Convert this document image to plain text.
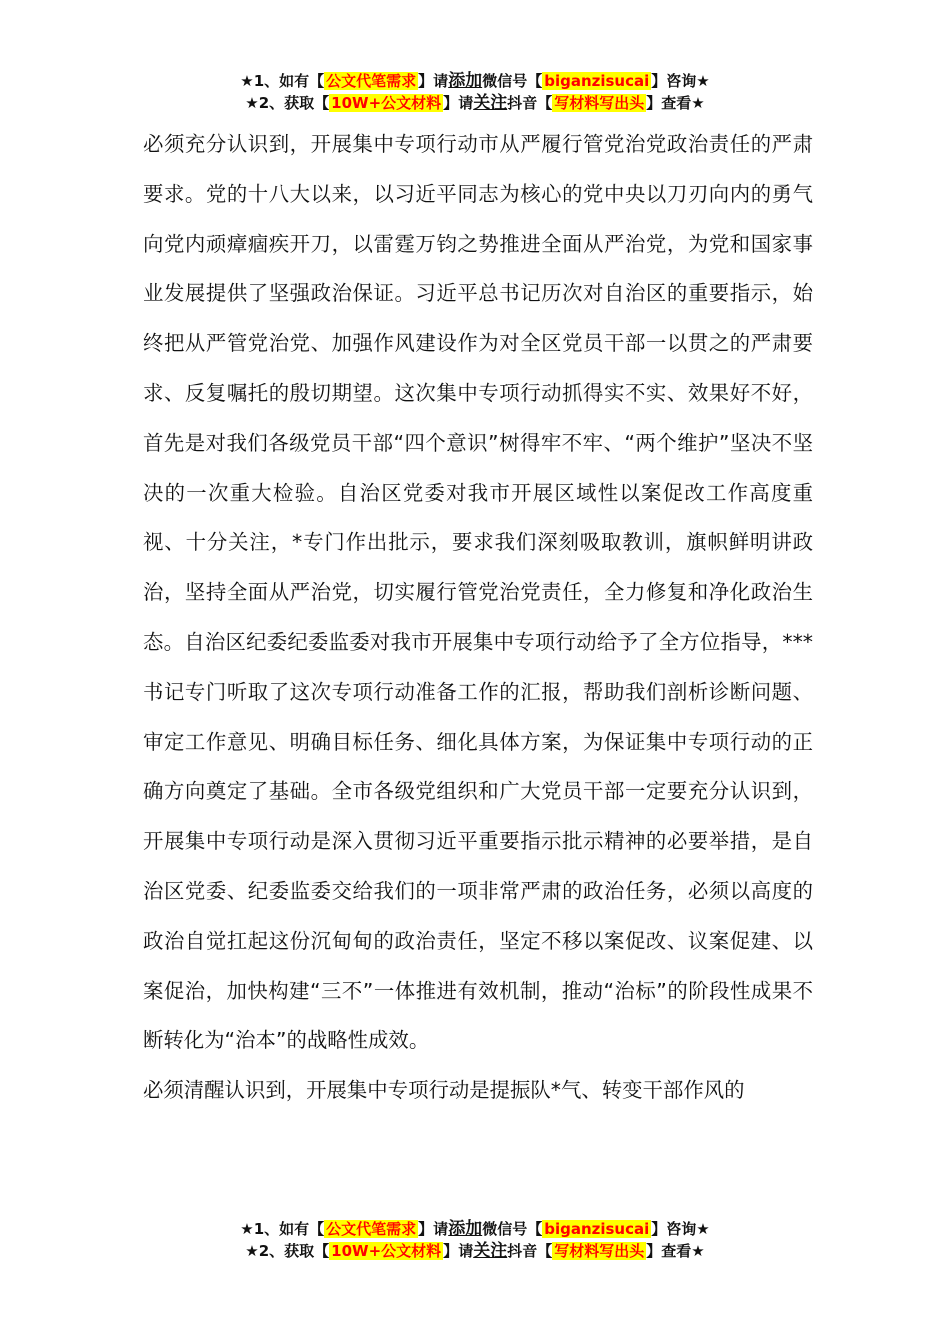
★1、如有【 公文代笔需求 】请添加微信号【 biganzisucai 】咨询★
★2、获取【 10W+公文材料 】请关注抖音【 写材料写出头 】查看★

必须充分认识到，开展集中专项行动市从严履行管党治党政治责任的严肃要求。党的十八大以来，以习近平同志为核心的党中央以刀刃向内的勇气向党内顽瘴痼疾开刀，以雷霆万钧之势推进全面从严治党，为党和国家事业发展提供了坚强政治保证。习近平总书记历次对自治区的重要指示，始终把从严管党治党、加强作风建设作为对全区党员干部一以贯之的严肃要求、反复嘱托的殷切期望。这次集中专项行动抓得实不实、效果好不好，首先是对我们各级党员干部“四个意识”树得牢不牢、“两个维护”坚决不坚决的一次重大检验。自治区党委对我市开展区域性以案促改工作高度重视、十分关注，*专门作出批示，要求我们深刻吸取教训，旗帜鲜明讲政治，坚持全面从严治党，切实履行管党治党责任，全力修复和净化政治生态。自治区纪委纪委监委对我市开展集中专项行动给予了全方位指导，***书记专门听取了这次专项行动准备工作的汇报，帮助我们剖析诊断问题、审定工作意见、明确目标任务、细化具体方案，为保证集中专项行动的正确方向奠定了基础。全市各级党组织和广大党员干部一定要充分认识到，开展集中专项行动是深入贯彻习近平重要指示批示精神的必要举措，是自治区党委、纪委监委交给我们的一项非常严肃的政治任务，必须以高度的政治自觉扛起这份沉甸甸的政治责任，坚定不移以案促改、议案促建、以案促治，加快构建“三不”一体推进有效机制，推动“治标”的阶段性成果不断转化为“治本”的战略性成效。

必须清醒认识到，开展集中专项行动是提振队*气、转变干部作风的

★1、如有【 公文代笔需求 】请添加微信号【 biganzisucai 】咨询★
★2、获取【 10W+公文材料 】请关注抖音【 写材料写出头 】查看★
